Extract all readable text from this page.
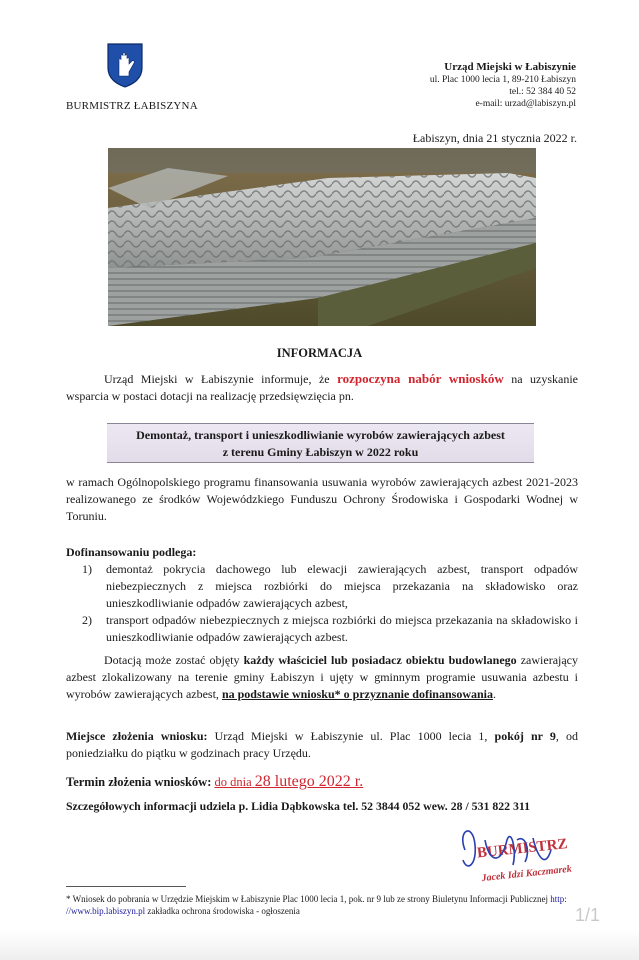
BURMISTRZ ŁABISZYNA
Urząd Miejski w Łabiszynie
ul. Plac 1000 lecia 1, 89-210 Łabiszyn
tel.: 52 384 40 52
e-mail: urzad@labiszyn.pl
Łabiszyn, dnia 21 stycznia 2022 r.
INFORMACJA
Urząd Miejski w Łabiszynie informuje, że rozpoczyna nabór wniosków na uzyskanie wsparcia w postaci dotacji na realizację przedsięwzięcia pn.
Demontaż, transport i unieszkodliwianie wyrobów zawierających azbest
z terenu Gminy Łabiszyn w 2022 roku
w ramach Ogólnopolskiego programu finansowania usuwania wyrobów zawierających azbest 2021-2023 realizowanego ze środków Wojewódzkiego Funduszu Ochrony Środowiska i Gospodarki Wodnej w Toruniu.
Dofinansowaniu podlega:
1) demontaż pokrycia dachowego lub elewacji zawierających azbest, transport odpadów niebezpiecznych z miejsca rozbiórki do miejsca przekazania na składowisko oraz unieszkodliwianie odpadów zawierających azbest,
2) transport odpadów niebezpiecznych z miejsca rozbiórki do miejsca przekazania na składowisko i unieszkodliwianie odpadów zawierających azbest.
Dotacją może zostać objęty każdy właściciel lub posiadacz obiektu budowlanego zawierający azbest zlokalizowany na terenie gminy Łabiszyn i ujęty w gminnym programie usuwania azbestu i wyrobów zawierających azbest, na podstawie wniosku* o przyznanie dofinansowania.
Miejsce złożenia wniosku: Urząd Miejski w Łabiszynie ul. Plac 1000 lecia 1, pokój nr 9, od poniedziałku do piątku w godzinach pracy Urzędu.
Termin złożenia wniosków: do dnia 28 lutego 2022 r.
Szczegółowych informacji udziela p. Lidia Dąbkowska tel. 52 3844 052 wew. 28 / 531 822 311
BURMISTRZ
Jacek Idzi Kaczmarek
* Wniosek do pobrania w Urzędzie Miejskim w Łabiszynie Plac 1000 lecia 1, pok. nr 9 lub ze strony Biuletynu Informacji Publicznej http: //www.bip.labiszyn.pl zakładka ochrona środowiska - ogłoszenia	1/1
